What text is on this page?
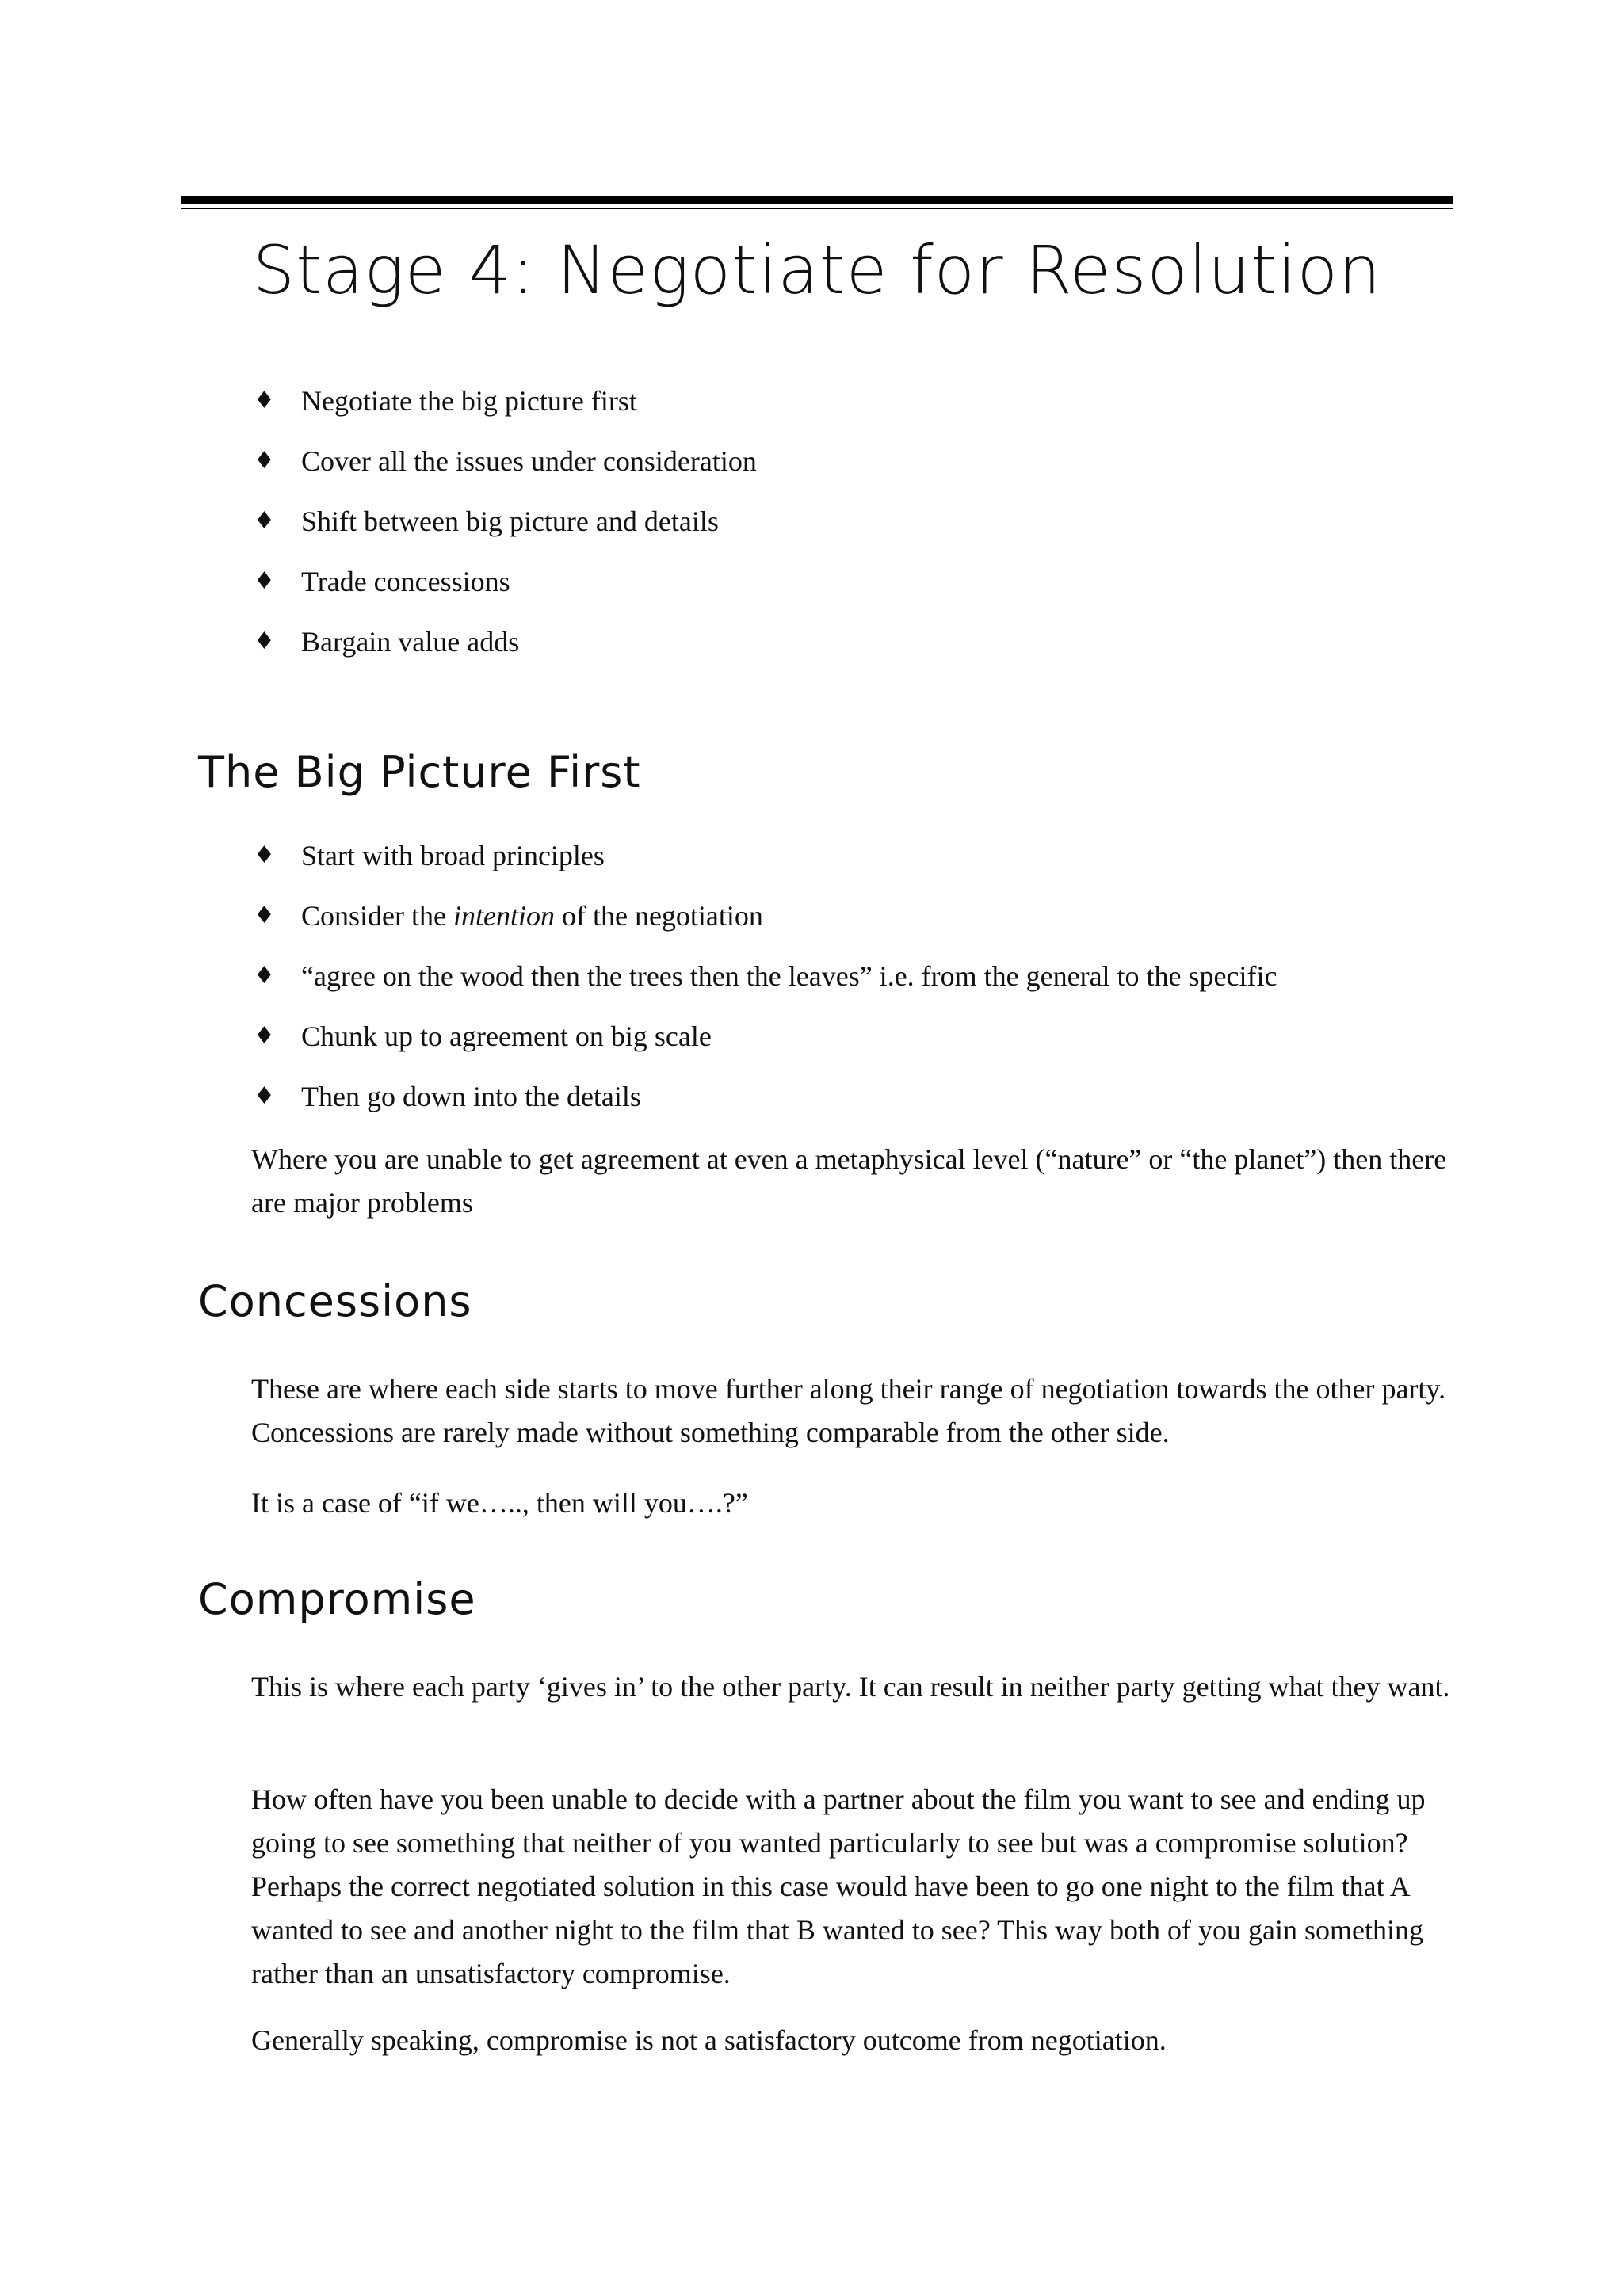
Stage 4: Negotiate for Resolution
♦ Negotiate the big picture first
♦ Cover all the issues under consideration
♦ Shift between big picture and details
♦ Trade concessions
♦ Bargain value adds
The Big Picture First
♦ Start with broad principles
♦ Consider the intention of the negotiation
♦ “agree on the wood then the trees then the leaves” i.e. from the general to the specific
♦ Chunk up to agreement on big scale
♦ Then go down into the details

Where you are unable to get agreement at even a metaphysical level (“nature” or “the planet”) then there are major problems

Concessions

These are where each side starts to move further along their range of negotiation towards the other party. Concessions are rarely made without something comparable from the other side.

It is a case of “if we….., then will you….?”

Compromise

This is where each party ‘gives in’ to the other party. It can result in neither party getting what they want.

How often have you been unable to decide with a partner about the film you want to see and ending up going to see something that neither of you wanted particularly to see but was a compromise solution? Perhaps the correct negotiated solution in this case would have been to go one night to the film that A wanted to see and another night to the film that B wanted to see? This way both of you gain something rather than an unsatisfactory compromise.

Generally speaking, compromise is not a satisfactory outcome from negotiation.
